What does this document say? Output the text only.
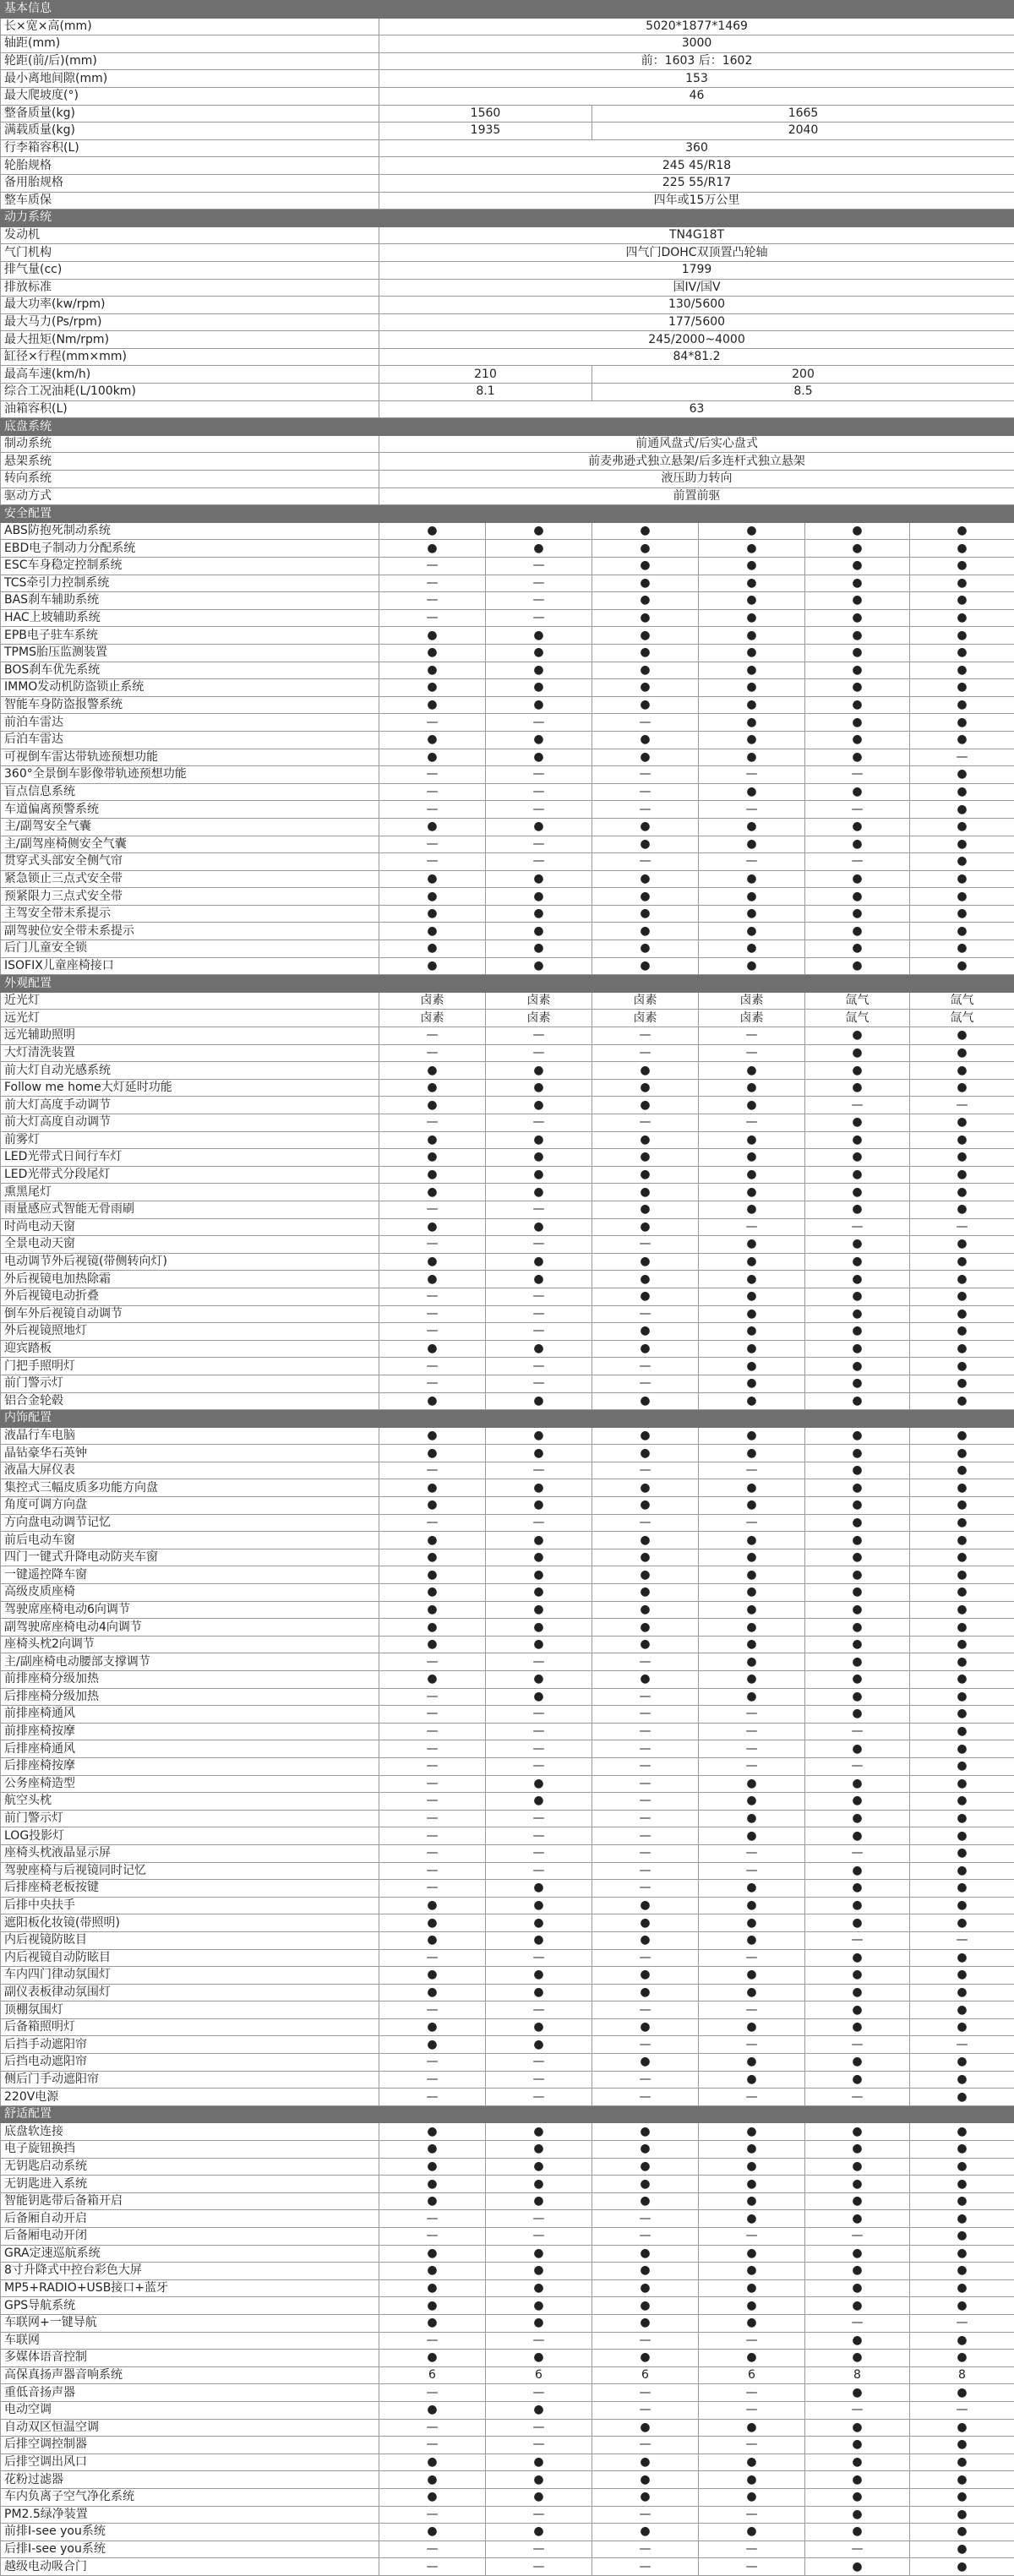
基本信息						
长×宽×高(mm)	5020*1877*1469					
轴距(mm)	3000					
轮距(前/后)(mm)	前：1603 后：1602					
最小离地间隙(mm)	153					
最大爬坡度(°)	46					
整备质量(kg)	1560		1665			
满载质量(kg)	1935		2040			
行李箱容积(L)	360					
轮胎规格	245 45/R18					
备用胎规格	225 55/R17					
整车质保	四年或15万公里					
动力系统						
发动机	TN4G18T					
气门机构	四气门DOHC双顶置凸轮轴					
排气量(cc)	1799					
排放标准	国IV/国V					
最大功率(kw/rpm)	130/5600					
最大马力(Ps/rpm)	177/5600					
最大扭矩(Nm/rpm)	245/2000~4000					
缸径×行程(mm×mm)	84*81.2					
最高车速(km/h)	210		200			
综合工况油耗(L/100km)	8.1		8.5			
油箱容积(L)	63					
底盘系统						
制动系统	前通风盘式/后实心盘式					
悬架系统	前麦弗逊式独立悬架/后多连杆式独立悬架					
转向系统	液压助力转向					
驱动方式	前置前驱					
安全配置						
ABS防抱死制动系统	●	●	●	●	●	●
EBD电子制动力分配系统	●	●	●	●	●	●
ESC车身稳定控制系统	—	—	●	●	●	●
TCS牵引力控制系统	—	—	●	●	●	●
BAS刹车辅助系统	—	—	●	●	●	●
HAC上坡辅助系统	—	—	●	●	●	●
EPB电子驻车系统	●	●	●	●	●	●
TPMS胎压监测装置	●	●	●	●	●	●
BOS刹车优先系统	●	●	●	●	●	●
IMMO发动机防盗锁止系统	●	●	●	●	●	●
智能车身防盗报警系统	●	●	●	●	●	●
前泊车雷达	—	—	—	●	●	●
后泊车雷达	●	●	●	●	●	●
可视倒车雷达带轨迹预想功能	●	●	●	●	●	—
360°全景倒车影像带轨迹预想功能	—	—	—	—	—	●
盲点信息系统	—	—	—	●	●	●
车道偏离预警系统	—	—	—	—	—	●
主/副驾安全气囊	●	●	●	●	●	●
主/副驾座椅侧安全气囊	—	—	●	●	●	●
贯穿式头部安全侧气帘	—	—	—	—	—	●
紧急锁止三点式安全带	●	●	●	●	●	●
预紧限力三点式安全带	●	●	●	●	●	●
主驾安全带未系提示	●	●	●	●	●	●
副驾驶位安全带未系提示	●	●	●	●	●	●
后门儿童安全锁	●	●	●	●	●	●
ISOFIX儿童座椅接口	●	●	●	●	●	●
外观配置						
近光灯	卤素	卤素	卤素	卤素	氙气	氙气
远光灯	卤素	卤素	卤素	卤素	氙气	氙气
远光辅助照明	—	—	—	—	●	●
大灯清洗装置	—	—	—	—	●	●
前大灯自动光感系统	●	●	●	●	●	●
Follow me home大灯延时功能	●	●	●	●	●	●
前大灯高度手动调节	●	●	●	●	—	—
前大灯高度自动调节	—	—	—	—	●	●
前雾灯	●	●	●	●	●	●
LED光带式日间行车灯	●	●	●	●	●	●
LED光带式分段尾灯	●	●	●	●	●	●
熏黑尾灯	●	●	●	●	●	●
雨量感应式智能无骨雨刷	—	—	●	●	●	●
时尚电动天窗	●	●	●	—	—	—
全景电动天窗	—	—	—	●	●	●
电动调节外后视镜(带侧转向灯)	●	●	●	●	●	●
外后视镜电加热除霜	●	●	●	●	●	●
外后视镜电动折叠	—	—	●	●	●	●
倒车外后视镜自动调节	—	—	—	●	●	●
外后视镜照地灯	—	—	●	●	●	●
迎宾踏板	●	●	●	●	●	●
门把手照明灯	—	—	—	●	●	●
前门警示灯	—	—	—	●	●	●
铝合金轮毂	●	●	●	●	●	●
内饰配置						
液晶行车电脑	●	●	●	●	●	●
晶钻豪华石英钟	●	●	●	●	●	●
液晶大屏仪表	—	—	—	—	●	●
集控式三幅皮质多功能方向盘	●	●	●	●	●	●
角度可调方向盘	●	●	●	●	●	●
方向盘电动调节记忆	—	—	—	—	●	●
前后电动车窗	●	●	●	●	●	●
四门一键式升降电动防夹车窗	●	●	●	●	●	●
一键遥控降车窗	●	●	●	●	●	●
高级皮质座椅	●	●	●	●	●	●
驾驶席座椅电动6向调节	●	●	●	●	●	●
副驾驶席座椅电动4向调节	●	●	●	●	●	●
座椅头枕2向调节	●	●	●	●	●	●
主/副座椅电动腰部支撑调节	—	—	—	●	●	●
前排座椅分级加热	●	●	●	●	●	●
后排座椅分级加热	—	●	—	●	●	●
前排座椅通风	—	—	—	—	●	●
前排座椅按摩	—	—	—	—	—	●
后排座椅通风	—	—	—	—	●	●
后排座椅按摩	—	—	—	—	—	●
公务座椅造型	—	●	—	●	●	●
航空头枕	—	●	—	●	●	●
前门警示灯	—	—	—	●	●	●
LOG投影灯	—	—	—	●	●	●
座椅头枕液晶显示屏	—	—	—	—	—	●
驾驶座椅与后视镜同时记忆	—	—	—	—	●	●
后排座椅老板按键	—	●	—	●	●	●
后排中央扶手	●	●	●	●	●	●
遮阳板化妆镜(带照明)	●	●	●	●	●	●
内后视镜防眩目	●	●	●	●	—	—
内后视镜自动防眩目	—	—	—	—	●	●
车内四门律动氛围灯	●	●	●	●	●	●
副仪表板律动氛围灯	●	●	●	●	●	●
顶棚氛围灯	—	—	—	—	●	●
后备箱照明灯	●	●	●	●	●	●
后挡手动遮阳帘	●	●	—	—	—	—
后挡电动遮阳帘	—	—	●	●	●	●
侧后门手动遮阳帘	—	—	—	●	●	●
220V电源	—	—	—	—	—	●
舒适配置						
底盘软连接	●	●	●	●	●	●
电子旋钮换挡	●	●	●	●	●	●
无钥匙启动系统	●	●	●	●	●	●
无钥匙进入系统	●	●	●	●	●	●
智能钥匙带后备箱开启	●	●	●	●	●	●
后备厢自动开启	—	—	—	●	●	●
后备厢电动开闭	—	—	—	—	—	●
GRA定速巡航系统	●	●	●	●	●	●
8寸升降式中控台彩色大屏	●	●	●	●	●	●
MP5+RADIO+USB接口+蓝牙	●	●	●	●	●	●
GPS导航系统	●	●	●	●	●	●
车联网+一键导航	●	●	●	●	—	—
车联网	—	—	—	—	●	●
多媒体语音控制	●	●	●	●	●	●
高保真扬声器音响系统	6	6	6	6	8	8
重低音扬声器	—	—	—	—	●	●
电动空调	●	●	—	—	—	—
自动双区恒温空调	—	—	●	●	●	●
后排空调控制器	—	—	—	—	●	●
后排空调出风口	●	●	●	●	●	●
花粉过滤器	●	●	●	●	●	●
车内负离子空气净化系统	●	●	●	●	●	●
PM2.5绿净装置	—	—	—	—	●	●
前排I-see you系统	●	●	●	●	●	●
后排I-see you系统	—	—	—	—	—	●
越级电动吸合门	—	—	—	—	●	●
